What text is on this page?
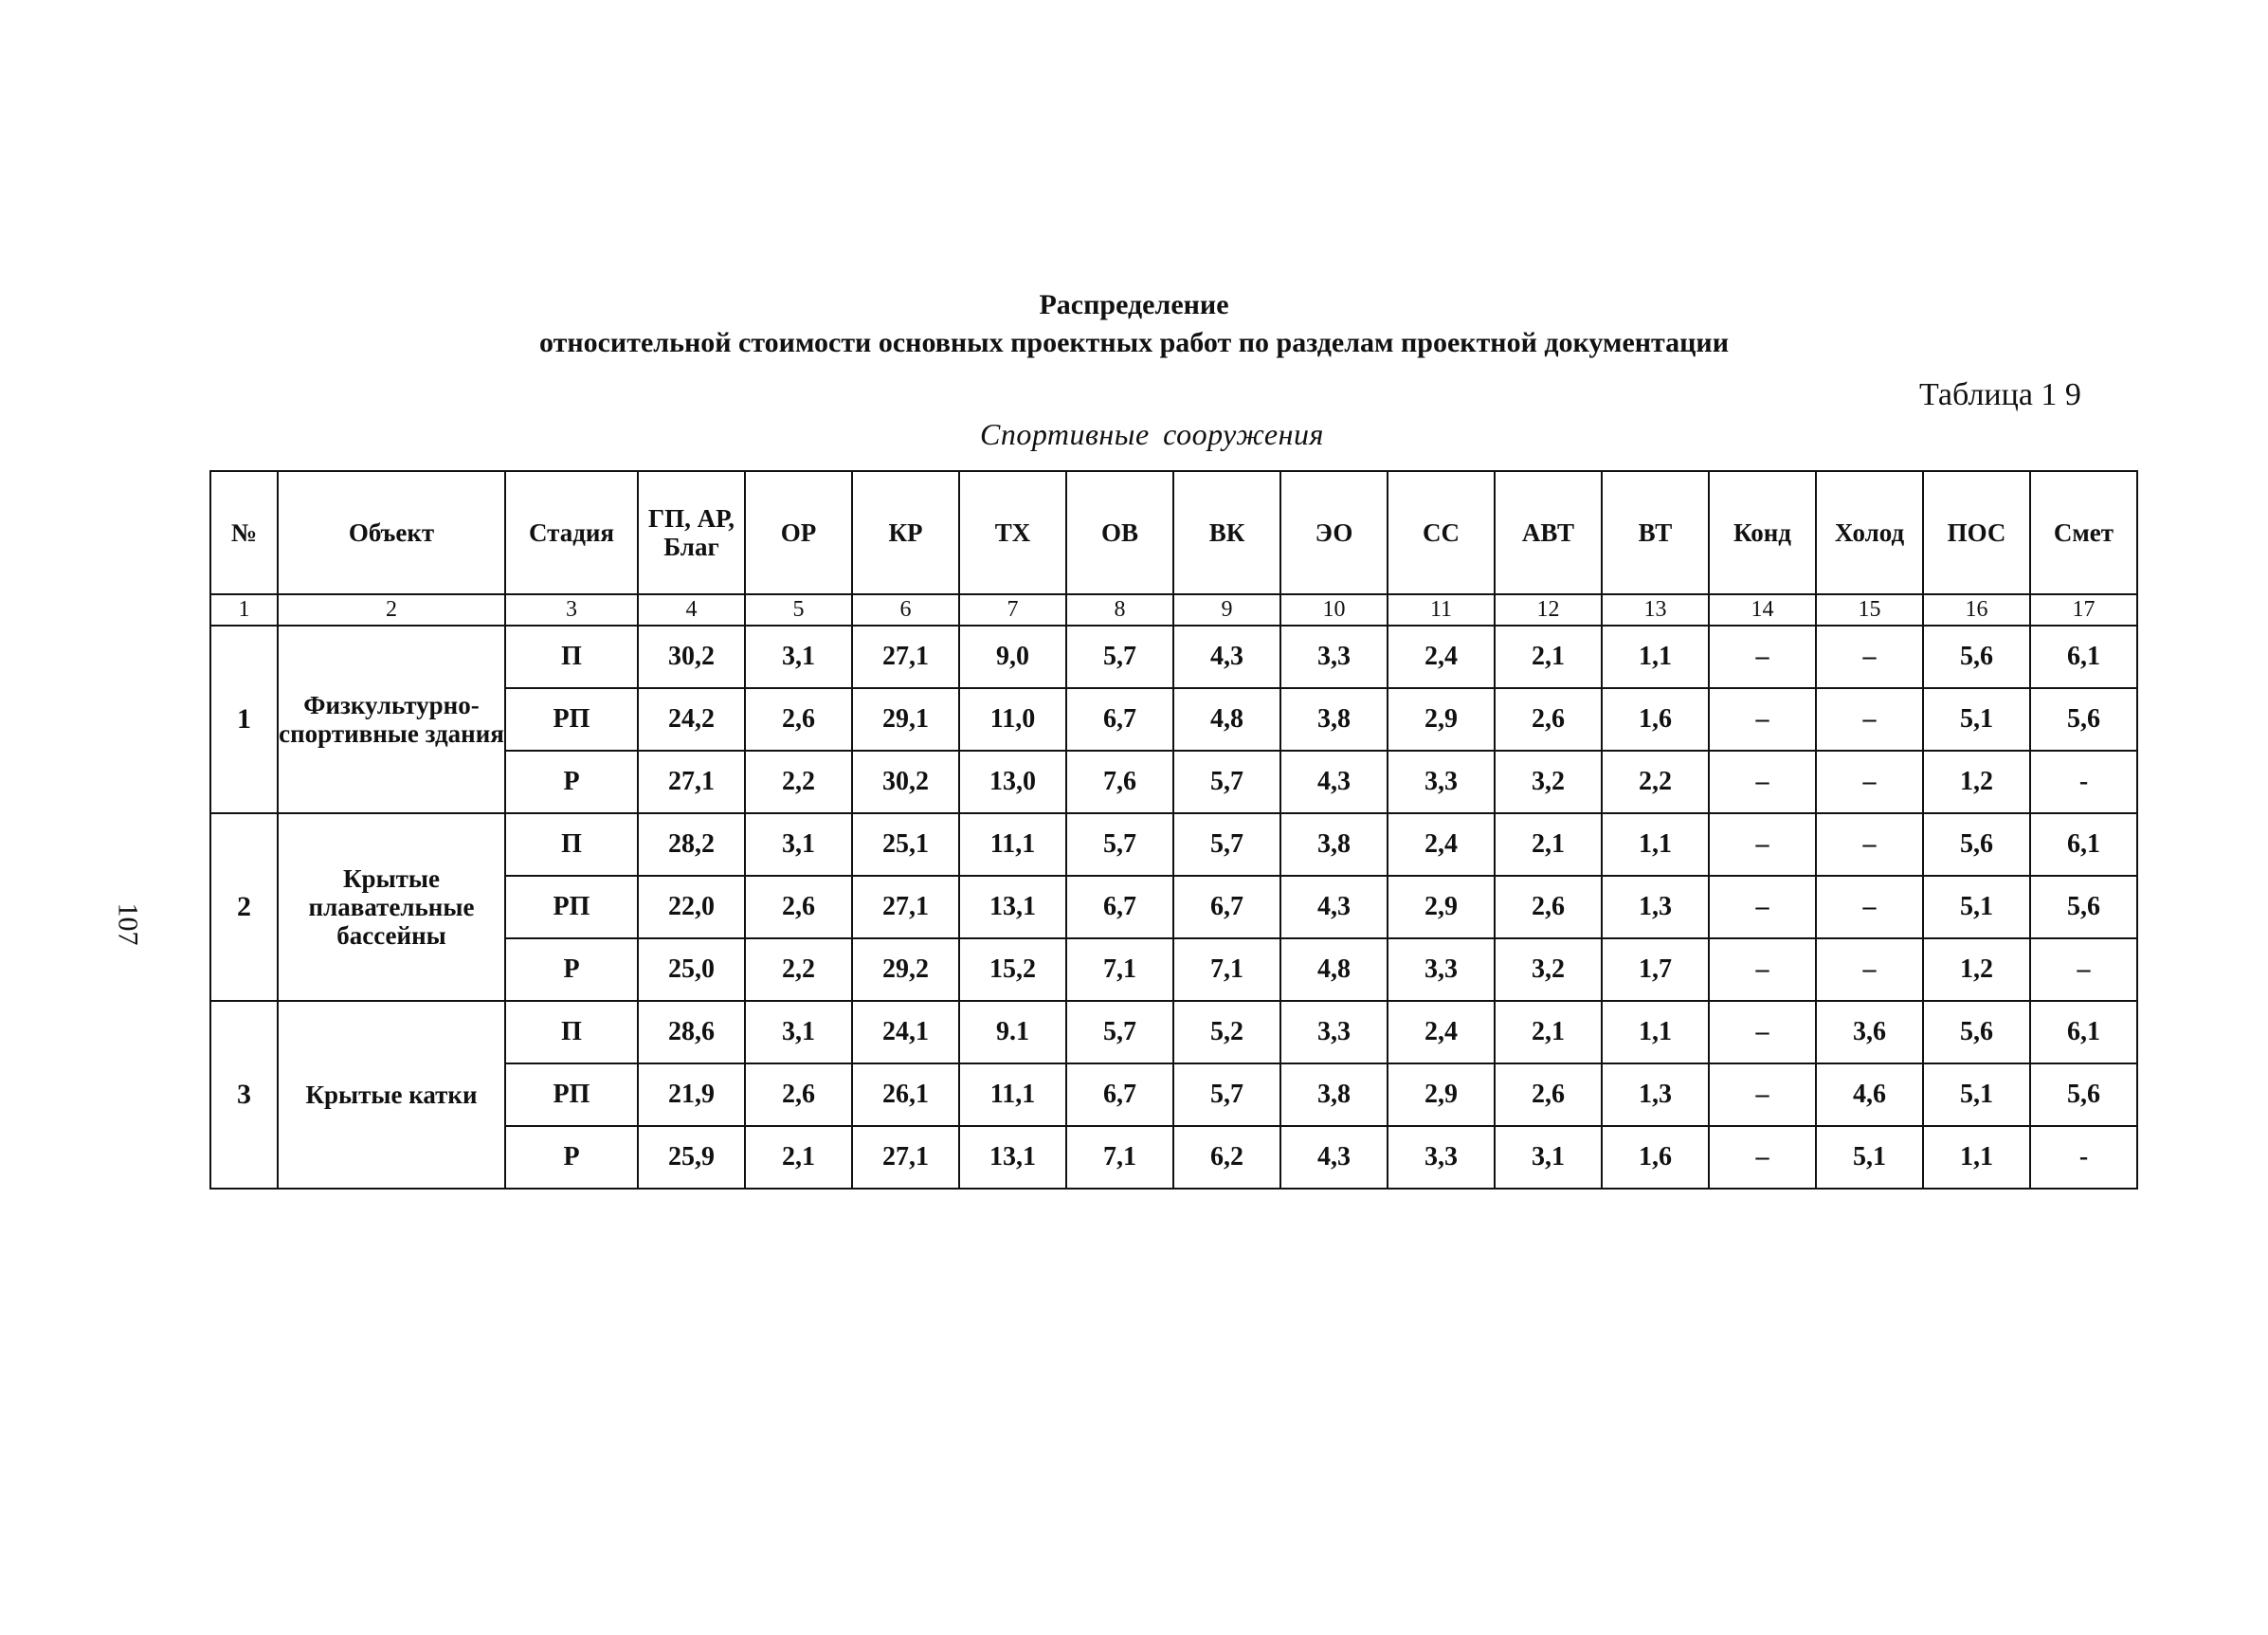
Распределение
относительной стоимости основных проектных работ по разделам проектной документации
Таблица 1 9
Спортивные сооружения
107
№	Объект	Стадия	ГП, АР, Благ	ОР	КР	ТХ	ОВ	ВК	ЭО	СС	АВТ	ВТ	Конд	Холод	ПОС	Смет
1	2	3	4	5	6	7	8	9	10	11	12	13	14	15	16	17
1	Физкультурно-спортивные здания	П	30,2	3,1	27,1	9,0	5,7	4,3	3,3	2,4	2,1	1,1	–	–	5,6	6,1
		РП	24,2	2,6	29,1	11,0	6,7	4,8	3,8	2,9	2,6	1,6	–	–	5,1	5,6
		Р	27,1	2,2	30,2	13,0	7,6	5,7	4,3	3,3	3,2	2,2	–	–	1,2	-
2	Крытые плавательные бассейны	П	28,2	3,1	25,1	11,1	5,7	5,7	3,8	2,4	2,1	1,1	–	–	5,6	6,1
		РП	22,0	2,6	27,1	13,1	6,7	6,7	4,3	2,9	2,6	1,3	–	–	5,1	5,6
		Р	25,0	2,2	29,2	15,2	7,1	7,1	4,8	3,3	3,2	1,7	–	–	1,2	–
3	Крытые катки	П	28,6	3,1	24,1	9.1	5,7	5,2	3,3	2,4	2,1	1,1	–	3,6	5,6	6,1
		РП	21,9	2,6	26,1	11,1	6,7	5,7	3,8	2,9	2,6	1,3	–	4,6	5,1	5,6
		Р	25,9	2,1	27,1	13,1	7,1	6,2	4,3	3,3	3,1	1,6	–	5,1	1,1	-
